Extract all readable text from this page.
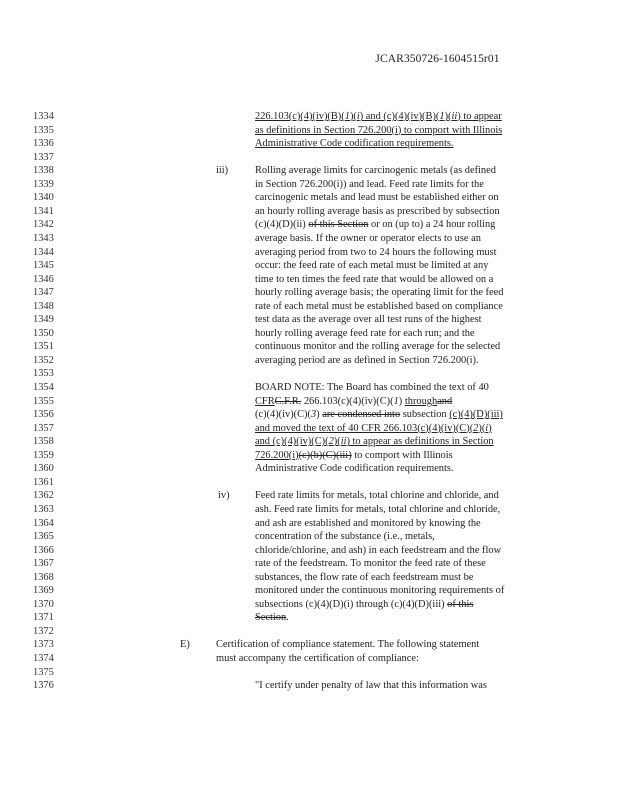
JCAR350726-1604515r01
1334	226.103(c)(4)(iv)(B)(1)(i) and (c)(4)(iv)(B)(1)(ii) to appear
1335	as definitions in Section 726.200(i) to comport with Illinois
1336	Administrative Code codification requirements.
1337
1338	iii)	Rolling average limits for carcinogenic metals (as defined
1339	in Section 726.200(i)) and lead. Feed rate limits for the
1340	carcinogenic metals and lead must be established either on
1341	an hourly rolling average basis as prescribed by subsection
1342	(c)(4)(D)(ii) of this Section or on (up to) a 24 hour rolling
1343	average basis. If the owner or operator elects to use an
1344	averaging period from two to 24 hours the following must
1345	occur: the feed rate of each metal must be limited at any
1346	time to ten times the feed rate that would be allowed on a
1347	hourly rolling average basis; the operating limit for the feed
1348	rate of each metal must be established based on compliance
1349	test data as the average over all test runs of the highest
1350	hourly rolling average feed rate for each run; and the
1351	continuous monitor and the rolling average for the selected
1352	averaging period are as defined in Section 726.200(i).
1353
1354	BOARD NOTE: The Board has combined the text of 40
1355	CFRC.F.R. 266.103(c)(4)(iv)(C)(1) throughand
1356	(c)(4)(iv)(C)(3) are condensed into subsection (c)(4)(D)(iii)
1357	and moved the text of 40 CFR 266.103(c)(4)(iv)(C)(2)(i)
1358	and (c)(4)(iv)(C)(2)(ii) to appear as definitions in Section
1359	726.200(i)(c)(b)(C)(iii) to comport with Illinois
1360	Administrative Code codification requirements.
1361
1362	iv) Feed rate limits for metals, total chlorine and chloride, and
1363	ash. Feed rate limits for metals, total chlorine and chloride,
1364	and ash are established and monitored by knowing the
1365	concentration of the substance (i.e., metals,
1366	chloride/chlorine, and ash) in each feedstream and the flow
1367	rate of the feedstream. To monitor the feed rate of these
1368	substances, the flow rate of each feedstream must be
1369	monitored under the continuous monitoring requirements of
1370	subsections (c)(4)(D)(i) through (c)(4)(D)(iii) of this
1371	Section.
1372
1373	E)	Certification of compliance statement. The following statement
1374	must accompany the certification of compliance:
1375
1376	"I certify under penalty of law that this information was
